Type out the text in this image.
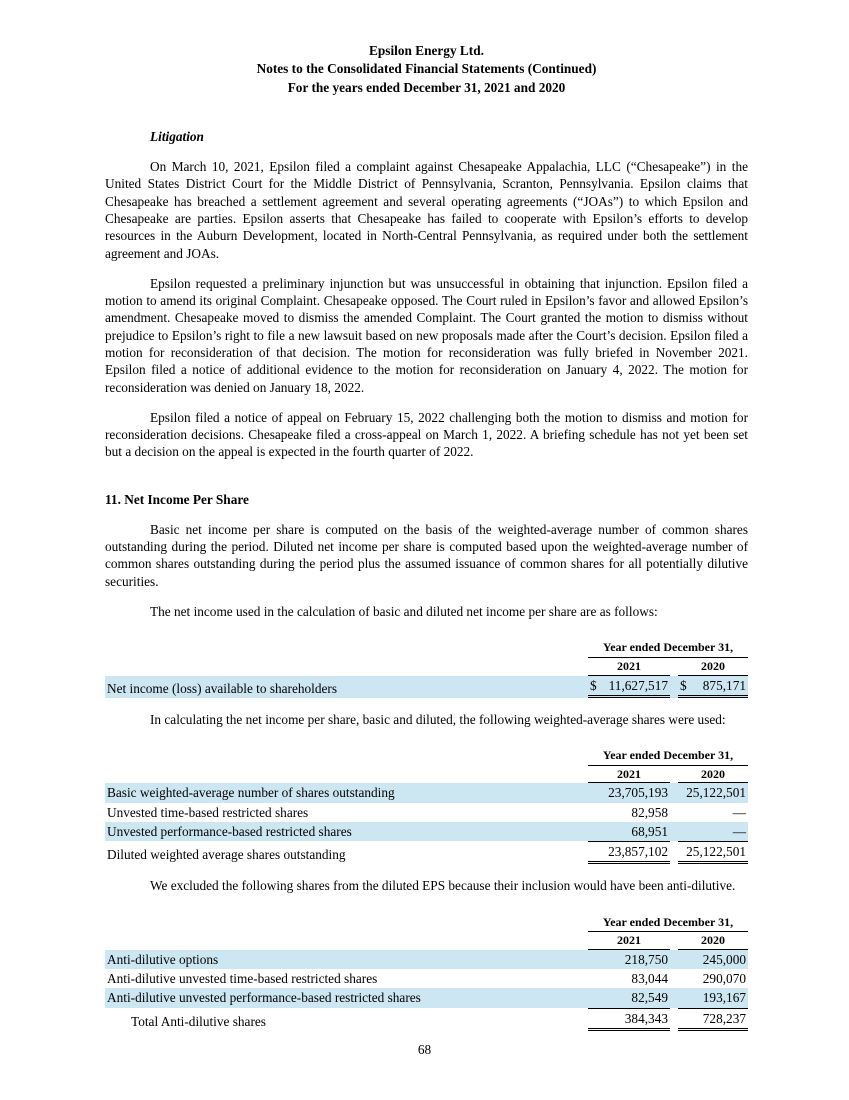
Epsilon Energy Ltd.
Notes to the Consolidated Financial Statements (Continued)
For the years ended December 31, 2021 and 2020
Litigation

On March 10, 2021, Epsilon filed a complaint against Chesapeake Appalachia, LLC (“Chesapeake”) in the United States District Court for the Middle District of Pennsylvania, Scranton, Pennsylvania. Epsilon claims that Chesapeake has breached a settlement agreement and several operating agreements (“JOAs”) to which Epsilon and Chesapeake are parties. Epsilon asserts that Chesapeake has failed to cooperate with Epsilon’s efforts to develop resources in the Auburn Development, located in North-Central Pennsylvania, as required under both the settlement agreement and JOAs.

Epsilon requested a preliminary injunction but was unsuccessful in obtaining that injunction. Epsilon filed a motion to amend its original Complaint. Chesapeake opposed. The Court ruled in Epsilon’s favor and allowed Epsilon’s amendment. Chesapeake moved to dismiss the amended Complaint. The Court granted the motion to dismiss without prejudice to Epsilon’s right to file a new lawsuit based on new proposals made after the Court’s decision. Epsilon filed a motion for reconsideration of that decision. The motion for reconsideration was fully briefed in November 2021. Epsilon filed a notice of additional evidence to the motion for reconsideration on January 4, 2022. The motion for reconsideration was denied on January 18, 2022.

Epsilon filed a notice of appeal on February 15, 2022 challenging both the motion to dismiss and motion for reconsideration decisions. Chesapeake filed a cross-appeal on March 1, 2022. A briefing schedule has not yet been set but a decision on the appeal is expected in the fourth quarter of 2022.

11. Net Income Per Share

Basic net income per share is computed on the basis of the weighted-average number of common shares outstanding during the period. Diluted net income per share is computed based upon the weighted-average number of common shares outstanding during the period plus the assumed issuance of common shares for all potentially dilutive securities.

The net income used in the calculation of basic and diluted net income per share are as follows:

Year ended December 31,
2021	2020
Net income (loss) available to shareholders	$ 11,627,517 $ 875,171

In calculating the net income per share, basic and diluted, the following weighted-average shares were used:

Year ended December 31,
2021	2020
Basic weighted-average number of shares outstanding	23,705,193	25,122,501
Unvested time-based restricted shares	82,958	—
Unvested performance-based restricted shares	68,951	—
Diluted weighted average shares outstanding	23,857,102	25,122,501

We excluded the following shares from the diluted EPS because their inclusion would have been anti-dilutive.

Year ended December 31,
2021	2020
Anti-dilutive options	218,750	245,000
Anti-dilutive unvested time-based restricted shares	83,044	290,070
Anti-dilutive unvested performance-based restricted shares	82,549	193,167
Total Anti-dilutive shares	384,343	728,237
68
